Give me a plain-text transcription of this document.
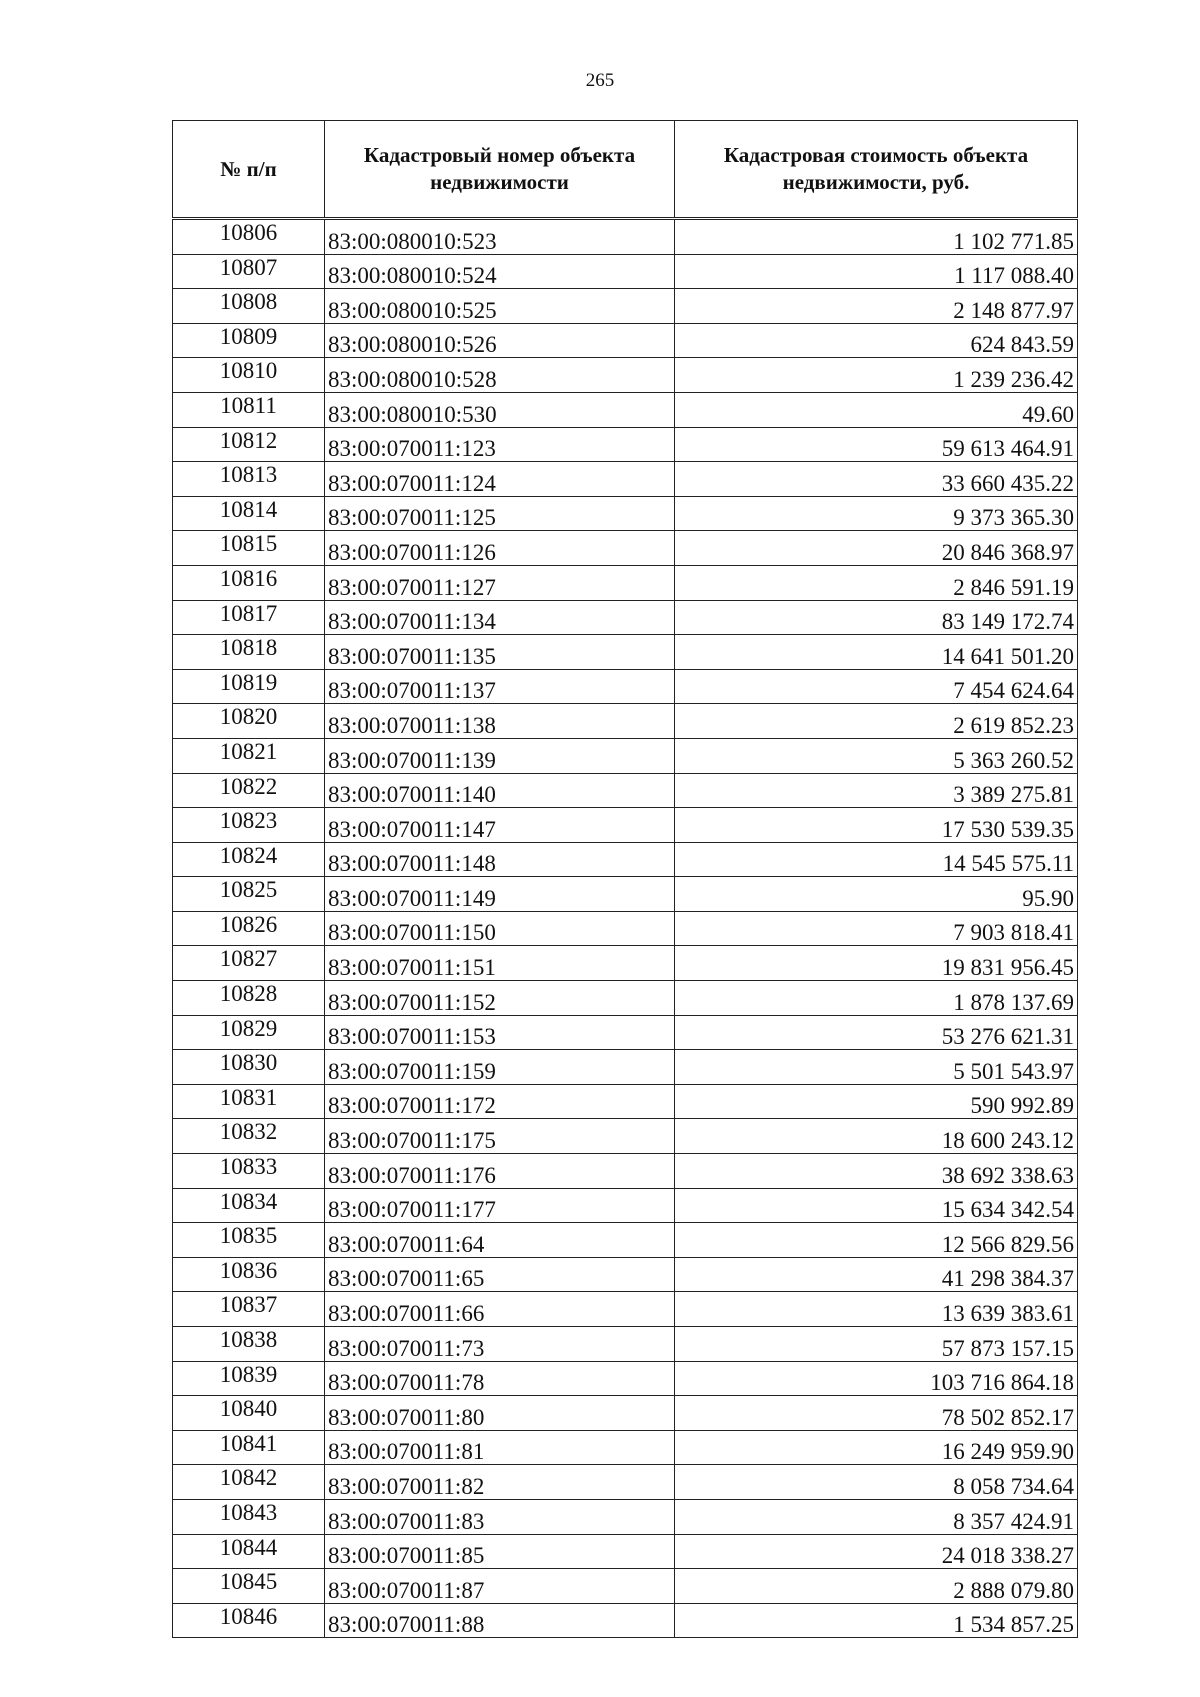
265
№ п/п	Кадастровый номер объекта недвижимости	Кадастровая стоимость объекта недвижимости, руб.
10806	83:00:080010:523	1 102 771.85
10807	83:00:080010:524	1 117 088.40
10808	83:00:080010:525	2 148 877.97
10809	83:00:080010:526	624 843.59
10810	83:00:080010:528	1 239 236.42
10811	83:00:080010:530	49.60
10812	83:00:070011:123	59 613 464.91
10813	83:00:070011:124	33 660 435.22
10814	83:00:070011:125	9 373 365.30
10815	83:00:070011:126	20 846 368.97
10816	83:00:070011:127	2 846 591.19
10817	83:00:070011:134	83 149 172.74
10818	83:00:070011:135	14 641 501.20
10819	83:00:070011:137	7 454 624.64
10820	83:00:070011:138	2 619 852.23
10821	83:00:070011:139	5 363 260.52
10822	83:00:070011:140	3 389 275.81
10823	83:00:070011:147	17 530 539.35
10824	83:00:070011:148	14 545 575.11
10825	83:00:070011:149	95.90
10826	83:00:070011:150	7 903 818.41
10827	83:00:070011:151	19 831 956.45
10828	83:00:070011:152	1 878 137.69
10829	83:00:070011:153	53 276 621.31
10830	83:00:070011:159	5 501 543.97
10831	83:00:070011:172	590 992.89
10832	83:00:070011:175	18 600 243.12
10833	83:00:070011:176	38 692 338.63
10834	83:00:070011:177	15 634 342.54
10835	83:00:070011:64	12 566 829.56
10836	83:00:070011:65	41 298 384.37
10837	83:00:070011:66	13 639 383.61
10838	83:00:070011:73	57 873 157.15
10839	83:00:070011:78	103 716 864.18
10840	83:00:070011:80	78 502 852.17
10841	83:00:070011:81	16 249 959.90
10842	83:00:070011:82	8 058 734.64
10843	83:00:070011:83	8 357 424.91
10844	83:00:070011:85	24 018 338.27
10845	83:00:070011:87	2 888 079.80
10846	83:00:070011:88	1 534 857.25
